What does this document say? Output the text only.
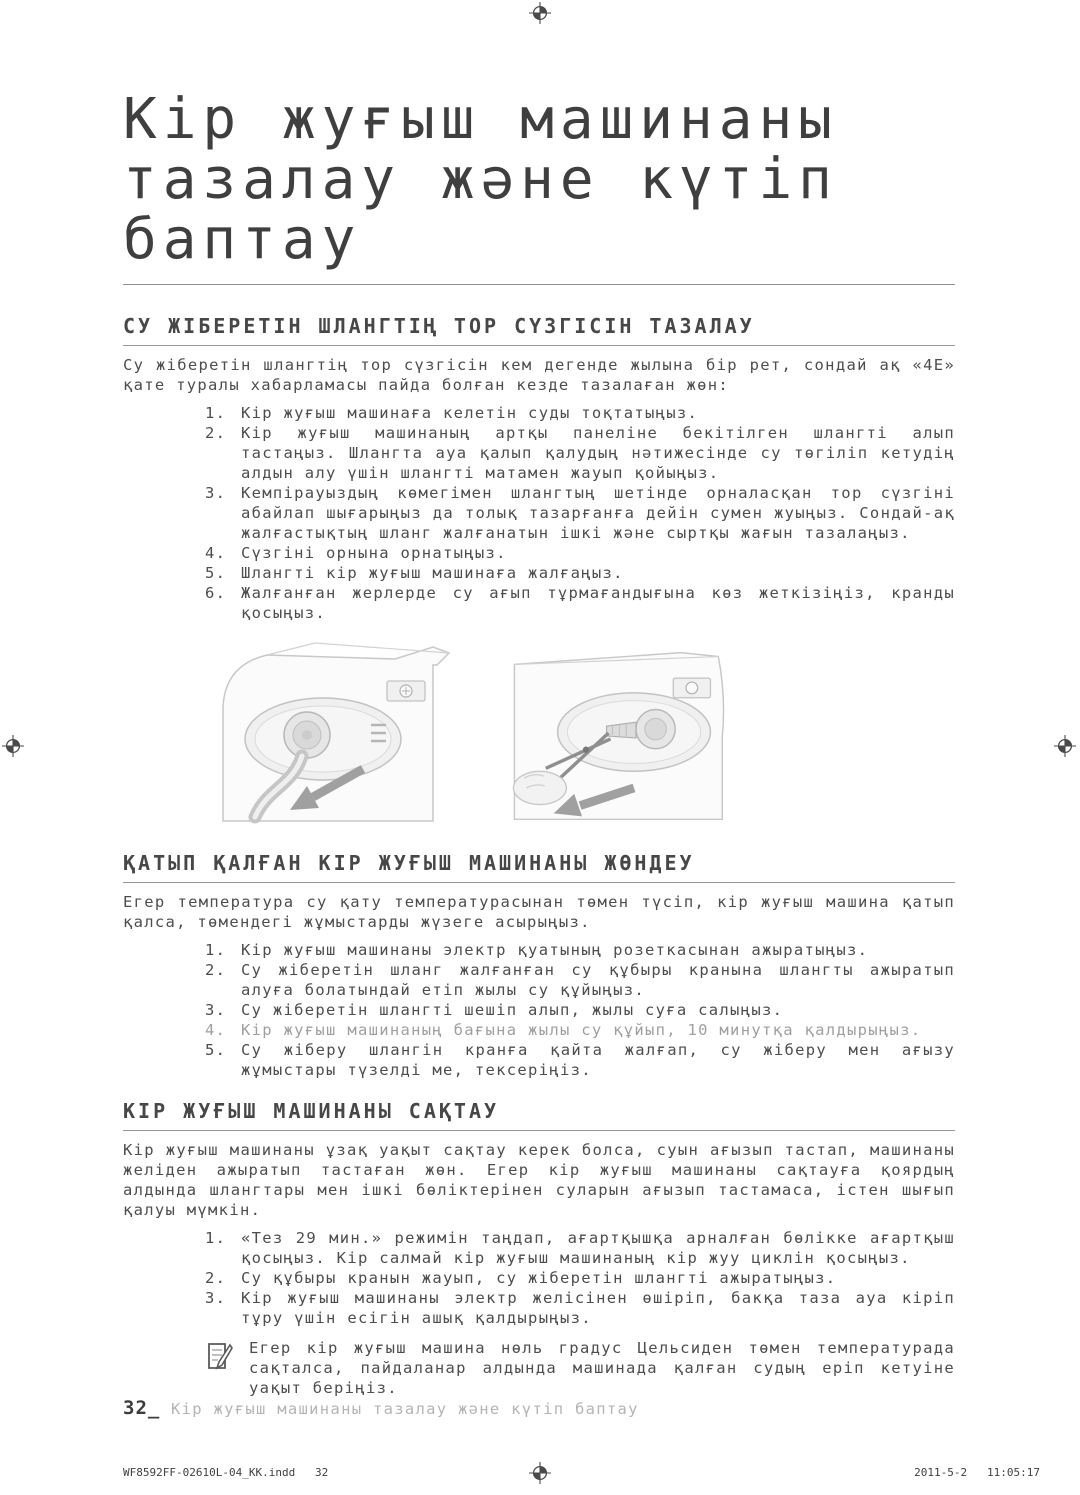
Кір жуғыш машинаны
тазалау және күтіп
баптау
СУ ЖІБЕРЕТІН ШЛАНГТІҢ ТОР СҮЗГІСІН ТАЗАЛАУ

Су жіберетін шлангтің тор сүзгісін кем дегенде жылына бір рет, сондай ақ «4E» қате туралы хабарламасы пайда болған кезде тазалаған жөн:

Кір жуғыш машинаға келетін суды тоқтатыңыз.
Кір жуғыш машинаның артқы панеліне бекітілген шлангті алып тастаңыз. Шлангта ауа қалып қалудың нәтижесінде су төгіліп кетудің алдын алу үшін шлангті матамен жауып қойыңыз.
Кемпірауыздың көмегімен шлангтың шетінде орналасқан тор сүзгіні абайлап шығарыңыз да толық тазарғанға дейін сумен жуыңыз. Сондай-ақ жалғастықтың шланг жалғанатын ішкі және сыртқы жағын тазалаңыз.
Сүзгіні орнына орнатыңыз.
Шлангті кір жуғыш машинаға жалғаңыз.
Жалғанған жерлерде су ағып тұрмағандығына көз жеткізіңіз, кранды қосыңыз.
ҚАТЫП ҚАЛҒАН КІР ЖУҒЫШ МАШИНАНЫ ЖӨНДЕУ

Егер температура су қату температурасынан төмен түсіп, кір жуғыш машина қатып қалса, төмендегі жұмыстарды жүзеге асырыңыз.

Кір жуғыш машинаны электр қуатының розеткасынан ажыратыңыз.
Су жіберетін шланг жалғанған су құбыры кранына шлангты ажыратып алуға болатындай етіп жылы су құйыңыз.
Су жіберетін шлангті шешіп алып, жылы суға салыңыз.
Кір жуғыш машинаның бағына жылы су құйып, 10 минутқа қалдырыңыз.
Су жіберу шлангін кранға қайта жалғап, су жіберу мен ағызу жұмыстары түзелді ме, тексеріңіз.
КІР ЖУҒЫШ МАШИНАНЫ САҚТАУ

Кір жуғыш машинаны ұзақ уақыт сақтау керек болса, суын ағызып тастап, машинаны желіден ажыратып тастаған жөн. Егер кір жуғыш машинаны сақтауға қоярдың алдында шлангтары мен ішкі бөліктерінен суларын ағызып тастамаса, істен шығып қалуы мүмкін.

«Тез 29 мин.» режимін таңдап, ағартқышқа арналған бөлікке ағартқыш қосыңыз. Кір салмай кір жуғыш машинаның кір жуу циклін қосыңыз.
Су құбыры кранын жауып, су жіберетін шлангті ажыратыңыз.
Кір жуғыш машинаны электр желісінен өшіріп, бакқа таза ауа кіріп тұру үшін есігін ашық қалдырыңыз.
Егер кір жуғыш машина нөль градус Цельсиден төмен температурада сақталса, пайдаланар алдында машинада қалған судың еріп кетуіне уақыт беріңіз.
32_ Кір жуғыш машинаны тазалау және күтіп баптау
WF8592FF-02610L-04_KK.indd   32	2011-5-2   11:05:17
